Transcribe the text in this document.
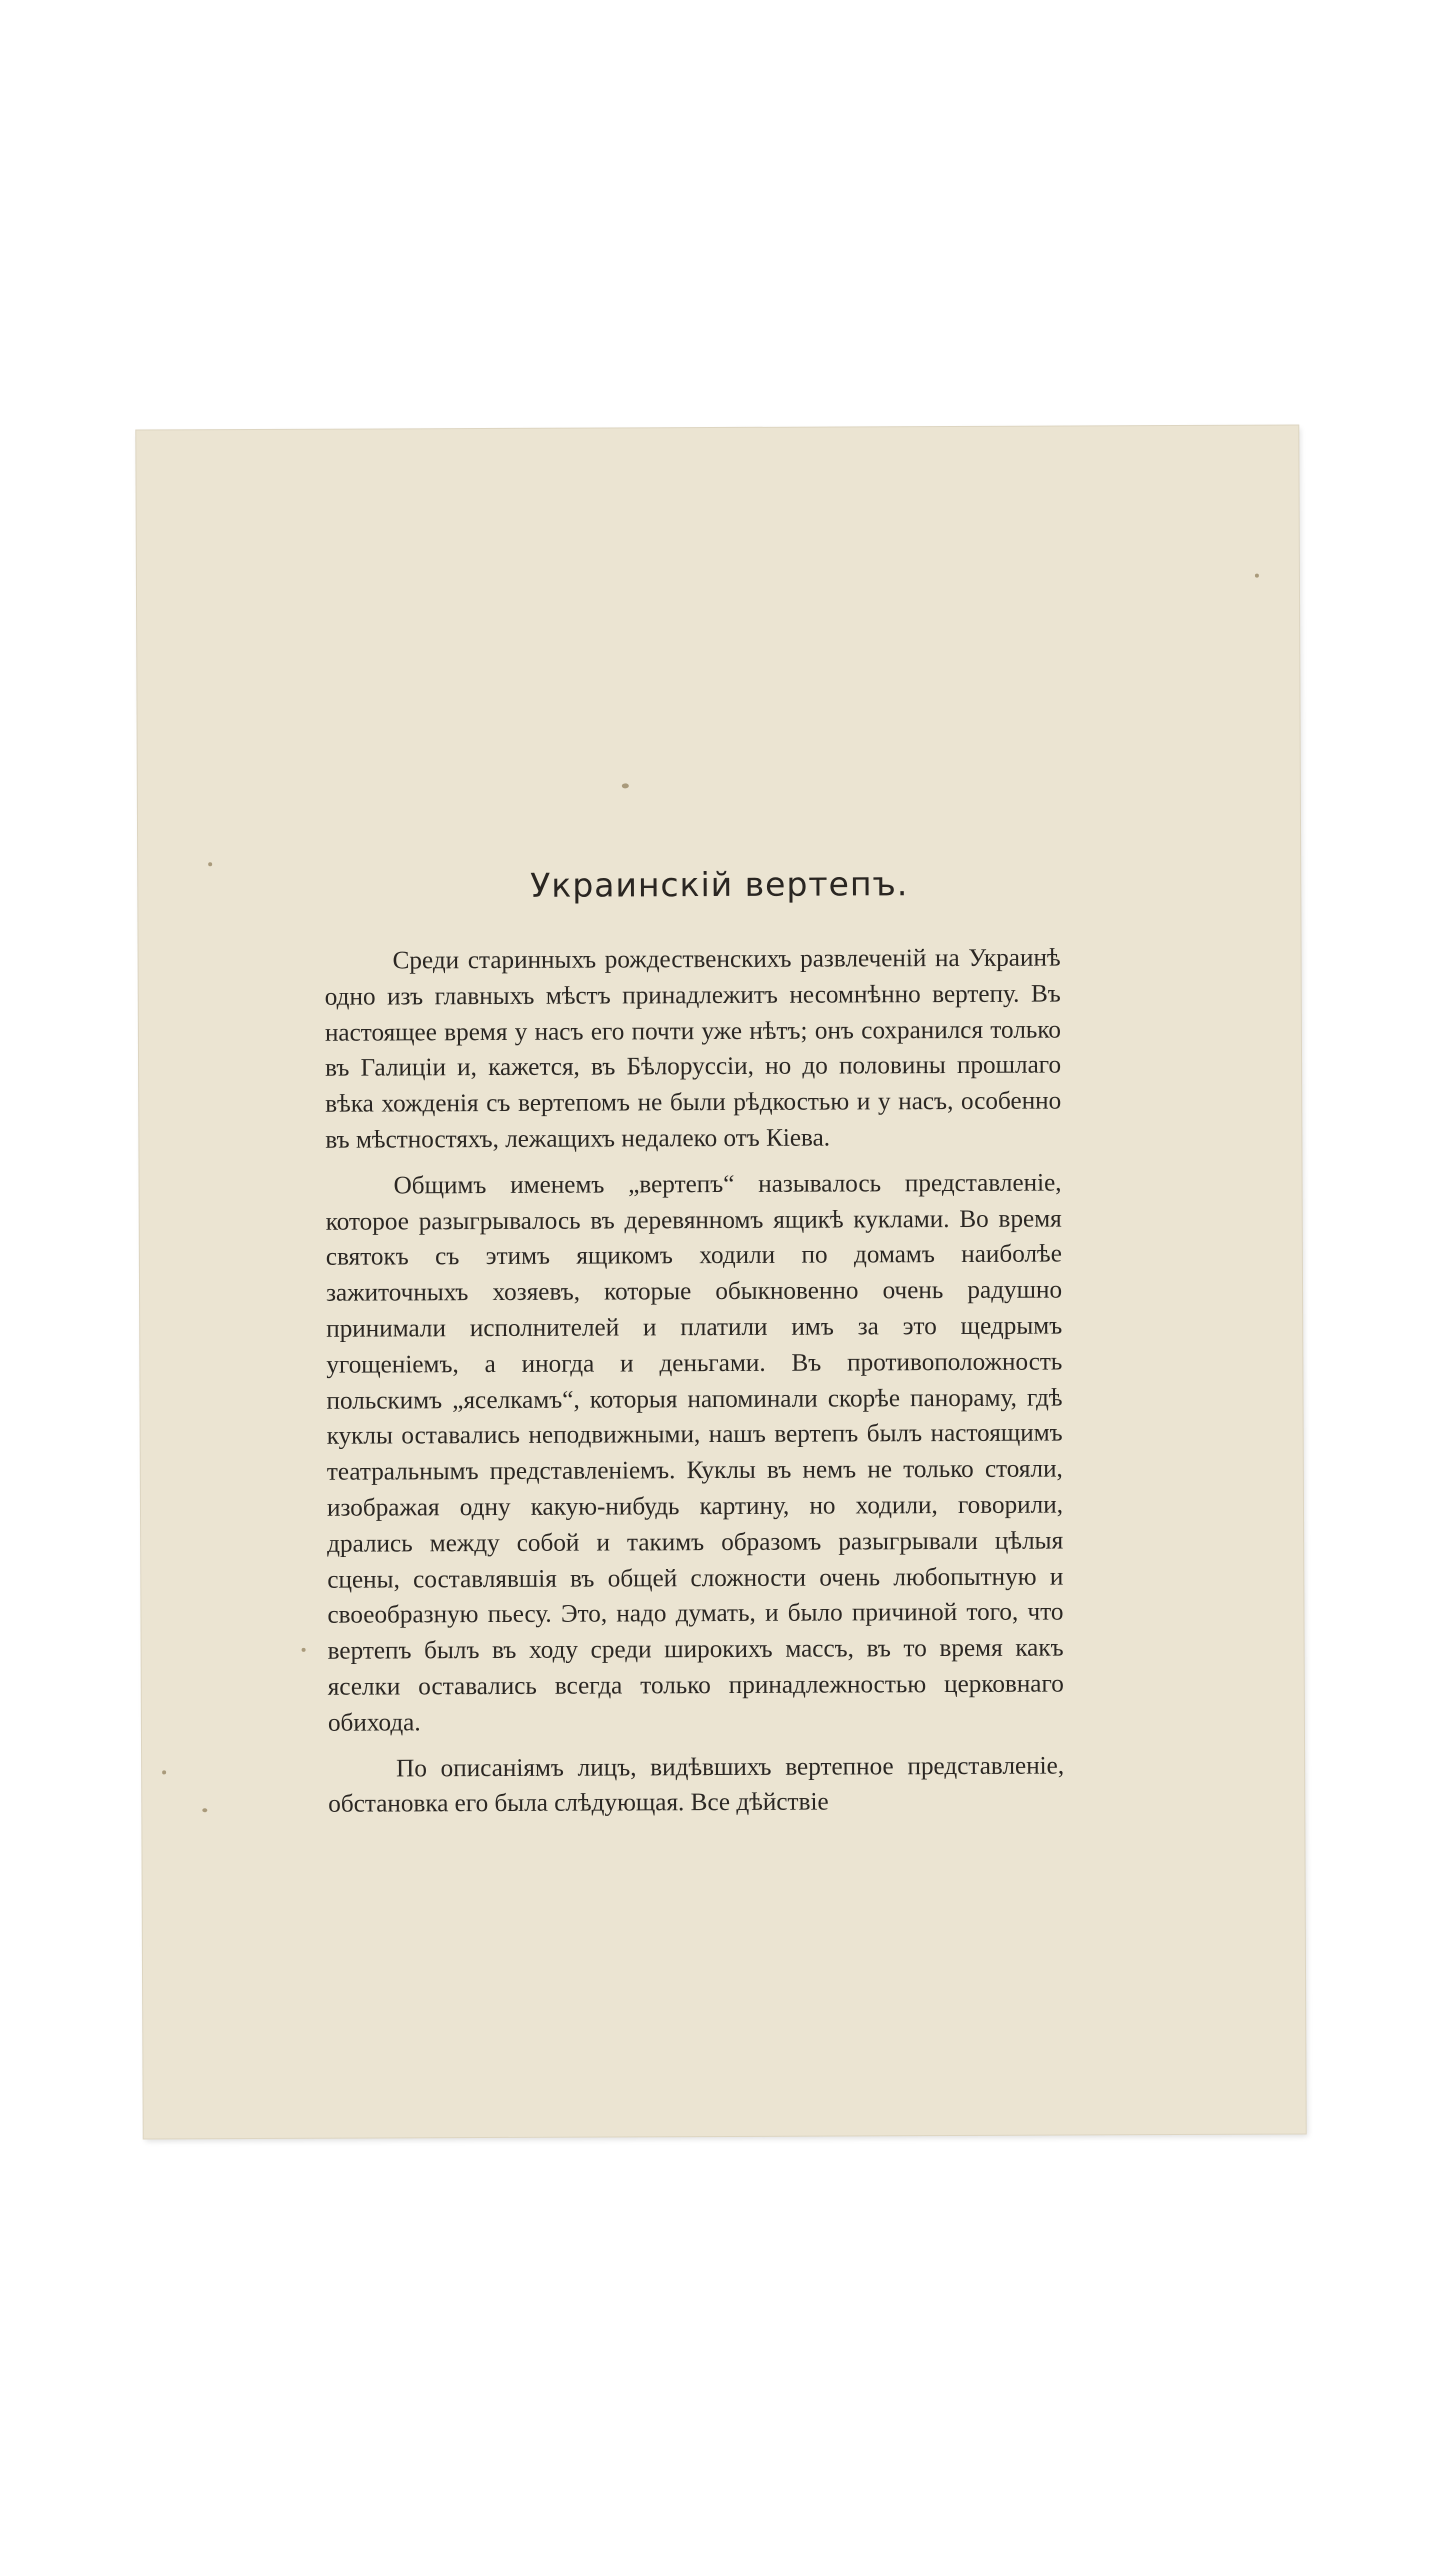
Украинскій вертепъ.

Среди старинныхъ рождественскихъ развлеченій на Украинѣ одно изъ главныхъ мѣстъ принадлежитъ несомнѣнно вертепу. Въ настоящее время у насъ его почти уже нѣтъ; онъ сохранился только въ Галиціи и, кажется, въ Бѣлоруссіи, но до половины прошлаго вѣка хожденія съ вертепомъ не были рѣдкостью и у насъ, особенно въ мѣстностяхъ, лежащихъ недалеко отъ Кіева.

Общимъ именемъ „вертепъ“ называлось представленіе, которое разыгрывалось въ деревянномъ ящикѣ куклами. Во время святокъ съ этимъ ящикомъ ходили по домамъ наиболѣе зажиточныхъ хозяевъ, которые обыкновенно очень радушно принимали исполнителей и платили имъ за это щедрымъ угощеніемъ, а иногда и деньгами. Въ противоположность польскимъ „яселкамъ“, которыя напоминали скорѣе панораму, гдѣ куклы оставались неподвижными, нашъ вертепъ былъ настоящимъ театральнымъ представленіемъ. Куклы въ немъ не только стояли, изображая одну какую-нибудь картину, но ходили, говорили, дрались между собой и такимъ образомъ разыгрывали цѣлыя сцены, составлявшія въ общей сложности очень любопытную и своеобразную пьесу. Это, надо думать, и было причиной того, что вертепъ былъ въ ходу среди широкихъ массъ, въ то время какъ яселки оставались всегда только принадлежностью церковнаго обихода.

По описаніямъ лицъ, видѣвшихъ вертепное представленіе, обстановка его была слѣдующая. Все дѣйствіе
